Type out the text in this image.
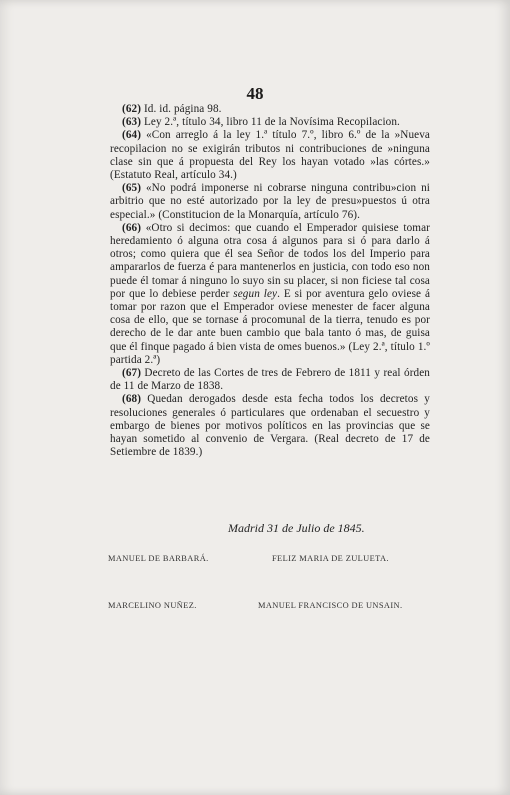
48

(62) Id. id. página 98.

(63) Ley 2.ª, título 34, libro 11 de la Novísima Recopilacion.

(64) «Con arreglo á la ley 1.ª título 7.º, libro 6.º de la »Nueva recopilacion no se exigirán tributos ni contribuciones de »ninguna clase sin que á propuesta del Rey los hayan votado »las córtes.» (Estatuto Real, artículo 34.)

(65) «No podrá imponerse ni cobrarse ninguna contribu»cion ni arbitrio que no esté autorizado por la ley de presu»puestos ú otra especial.» (Constitucion de la Monarquía, artículo 76).

(66) «Otro si decimos: que cuando el Emperador quisiese tomar heredamiento ó alguna otra cosa á algunos para si ó para darlo á otros; como quiera que él sea Señor de todos los del Imperio para ampararlos de fuerza é para mantenerlos en justicia, con todo eso non puede él tomar á ninguno lo suyo sin su placer, si non ficiese tal cosa por que lo debiese perder segun ley. E si por aventura gelo oviese á tomar por razon que el Emperador oviese menester de facer alguna cosa de ello, que se tornase á procomunal de la tierra, tenudo es por derecho de le dar ante buen cambio que bala tanto ó mas, de guisa que él finque pagado á bien vista de omes buenos.» (Ley 2.ª, título 1.º partida 2.ª)

(67) Decreto de las Cortes de tres de Febrero de 1811 y real órden de 11 de Marzo de 1838.

(68) Quedan derogados desde esta fecha todos los decretos y resoluciones generales ó particulares que ordenaban el secuestro y embargo de bienes por motivos políticos en las provincias que se hayan sometido al convenio de Vergara. (Real decreto de 17 de Setiembre de 1839.)

Madrid 31 de Julio de 1845.
MANUEL DE BARBARÁ.	FELIZ MARIA DE ZULUETA.
MARCELINO NUÑEZ.	MANUEL FRANCISCO DE UNSAIN.
